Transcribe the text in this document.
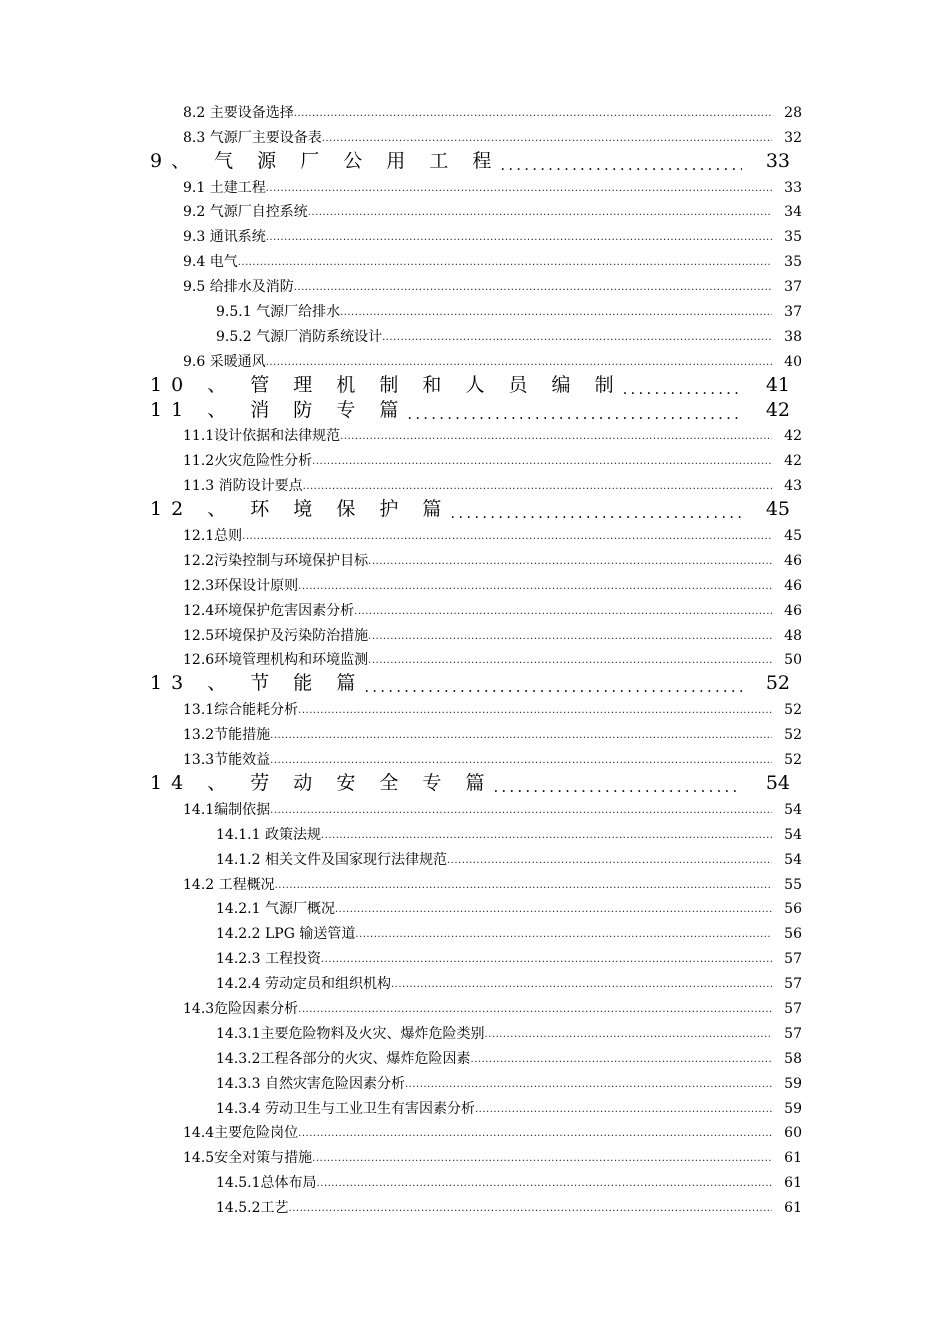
8.2 主要设备选择 .....	28
8.3 气源厂主要设备表 .....	32
9、 气 源 厂 公 用 工 程 .....	33
9.1 土建工程 .....	33
9.2 气源厂自控系统 .....	34
9.3 通讯系统 .....	35
9.4 电气 .....	35
9.5 给排水及消防 .....	37
9.5.1 气源厂给排水 .....	37
9.5.2 气源厂消防系统设计 .....	38
9.6 采暖通风 .....	40
10 、 管 理 机 制 和 人 员 编 制 .....	41
11 、 消 防 专 篇 .....	42
11.1设计依据和法律规范 .....	42
11.2火灾危险性分析 .....	42
11.3 消防设计要点 .....	43
12 、 环 境 保 护 篇 .....	45
12.1总则 .....	45
12.2污染控制与环境保护目标 .....	46
12.3环保设计原则 .....	46
12.4环境保护危害因素分析 .....	46
12.5环境保护及污染防治措施 .....	48
12.6环境管理机构和环境监测 .....	50
13 、 节 能 篇 .....	52
13.1综合能耗分析 .....	52
13.2节能措施 .....	52
13.3节能效益 .....	52
14 、 劳 动 安 全 专 篇 .....	54
14.1编制依据 .....	54
14.1.1 政策法规 .....	54
14.1.2 相关文件及国家现行法律规范 .....	54
14.2 工程概况 .....	55
14.2.1 气源厂概况 .....	56
14.2.2 LPG 输送管道 .....	56
14.2.3 工程投资 .....	57
14.2.4 劳动定员和组织机构 .....	57
14.3危险因素分析 .....	57
14.3.1主要危险物料及火灾、爆炸危险类别 .....	57
14.3.2工程各部分的火灾、爆炸危险因素 .....	58
14.3.3 自然灾害危险因素分析 .....	59
14.3.4 劳动卫生与工业卫生有害因素分析 .....	59
14.4主要危险岗位 .....	60
14.5安全对策与措施 .....	61
14.5.1总体布局 .....	61
14.5.2工艺 .....	61
